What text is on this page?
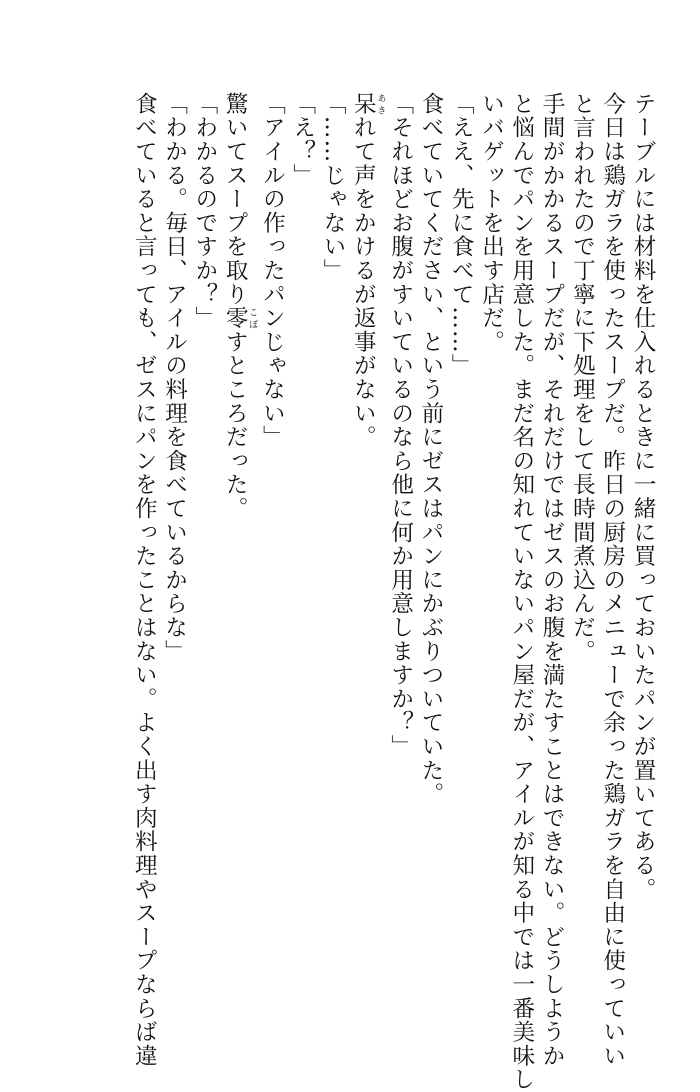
テーブルには材料を仕入れるときに一緒に買っておいたパンが置いてある。

今日は鶏ガラを使ったスープだ。昨日の厨房のメニューで余った鶏ガラを自由に使っていい

と言われたので丁寧に下処理をして長時間煮込んだ。

手間がかかるスープだが、それだけではゼスのお腹を満たすことはできない。どうしようか

と悩んでパンを用意した。まだ名の知れていないパン屋だが、アイルが知る中では一番美味し

いバゲットを出す店だ。

「ええ、先に食べて……」

食べていてください、という前にゼスはパンにかぶりついていた。

「それほどお腹がすいているのなら他に何か用意しますか？」

呆 あきれて声をかけるが返事がない。

「……じゃない」

「え？」

「アイルの作ったパンじゃない」

驚いてスープを取り零 こぼすところだった。

「わかるのですか？」

「わかる。毎日、アイルの料理を食べているからな」

食べていると言っても、ゼスにパンを作ったことはない。よく出す肉料理やスープならば違
